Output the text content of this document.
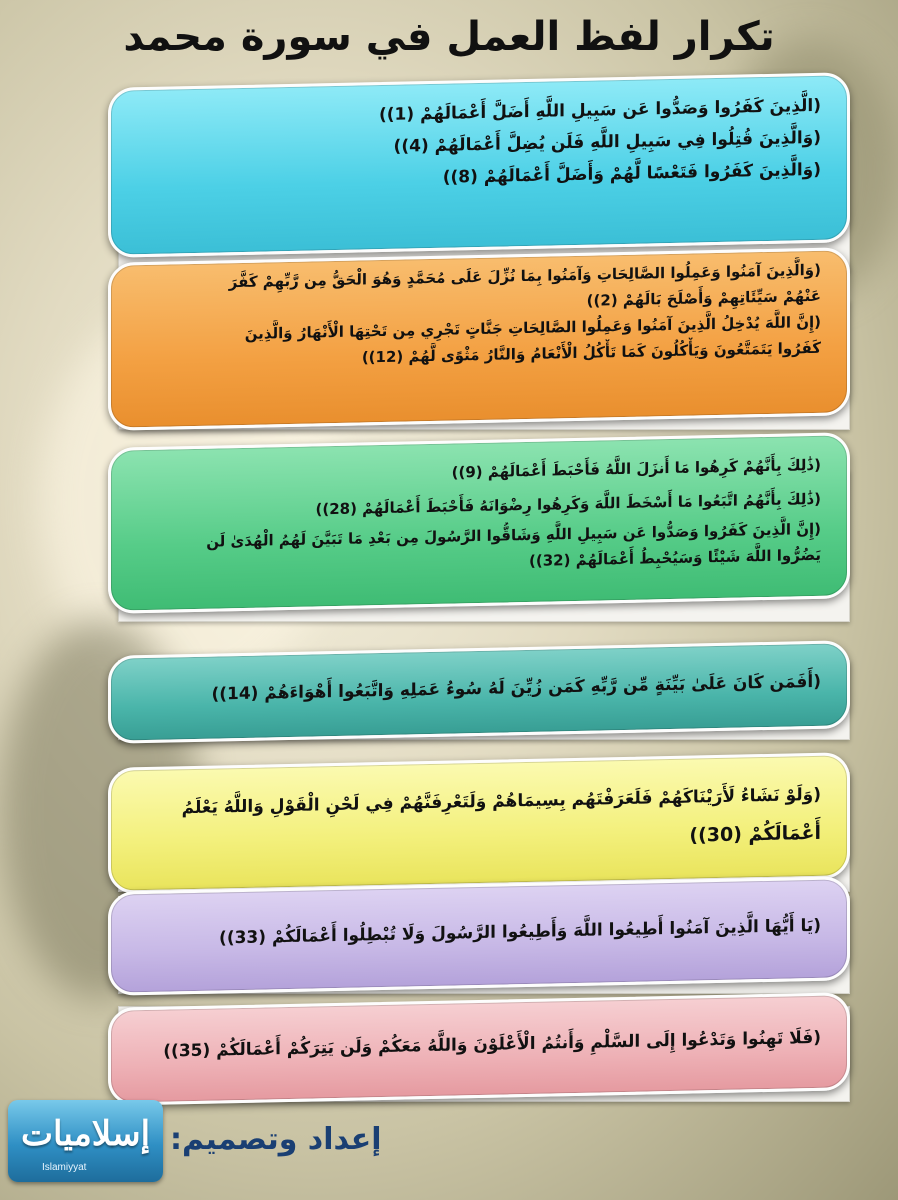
تكرار لفظ العمل في سورة محمد
(الَّذِينَ كَفَرُوا وَصَدُّوا عَن سَبِيلِ اللَّهِ أَضَلَّ أَعْمَالَهُمْ (1))
(وَالَّذِينَ قُتِلُوا فِي سَبِيلِ اللَّهِ فَلَن يُضِلَّ أَعْمَالَهُمْ (4))
(وَالَّذِينَ كَفَرُوا فَتَعْسًا لَّهُمْ وَأَضَلَّ أَعْمَالَهُمْ (8))
(وَالَّذِينَ آمَنُوا وَعَمِلُوا الصَّالِحَاتِ وَآمَنُوا بِمَا نُزِّلَ عَلَى مُحَمَّدٍ وَهُوَ الْحَقُّ مِن رَّبِّهِمْ كَفَّرَ
عَنْهُمْ سَيِّئَاتِهِمْ وَأَصْلَحَ بَالَهُمْ (2))
(إِنَّ اللَّهَ يُدْخِلُ الَّذِينَ آمَنُوا وَعَمِلُوا الصَّالِحَاتِ جَنَّاتٍ تَجْرِي مِن تَحْتِهَا الْأَنْهَارُ وَالَّذِينَ
كَفَرُوا يَتَمَتَّعُونَ وَيَأْكُلُونَ كَمَا تَأْكُلُ الْأَنْعَامُ وَالنَّارُ مَثْوًى لَّهُمْ (12))
(ذَٰلِكَ بِأَنَّهُمْ كَرِهُوا مَا أَنزَلَ اللَّهُ فَأَحْبَطَ أَعْمَالَهُمْ (9))
(ذَٰلِكَ بِأَنَّهُمُ اتَّبَعُوا مَا أَسْخَطَ اللَّهَ وَكَرِهُوا رِضْوَانَهُ فَأَحْبَطَ أَعْمَالَهُمْ (28))
(إِنَّ الَّذِينَ كَفَرُوا وَصَدُّوا عَن سَبِيلِ اللَّهِ وَشَاقُّوا الرَّسُولَ مِن بَعْدِ مَا تَبَيَّنَ لَهُمُ الْهُدَىٰ لَن
يَضُرُّوا اللَّهَ شَيْئًا وَسَيُحْبِطُ أَعْمَالَهُمْ (32))
(أَفَمَن كَانَ عَلَىٰ بَيِّنَةٍ مِّن رَّبِّهِ كَمَن زُيِّنَ لَهُ سُوءُ عَمَلِهِ وَاتَّبَعُوا أَهْوَاءَهُمْ (14))
(وَلَوْ نَشَاءُ لَأَرَيْنَاكَهُمْ فَلَعَرَفْتَهُم بِسِيمَاهُمْ وَلَتَعْرِفَنَّهُمْ فِي لَحْنِ الْقَوْلِ وَاللَّهُ يَعْلَمُ
أَعْمَالَكُمْ (30))
(يَا أَيُّهَا الَّذِينَ آمَنُوا أَطِيعُوا اللَّهَ وَأَطِيعُوا الرَّسُولَ وَلَا تُبْطِلُوا أَعْمَالَكُمْ (33))
(فَلَا تَهِنُوا وَتَدْعُوا إِلَى السَّلْمِ وَأَنتُمُ الْأَعْلَوْنَ وَاللَّهُ مَعَكُمْ وَلَن يَتِرَكُمْ أَعْمَالَكُمْ (35))
إعداد وتصميم:
إسلاميات
Islamiyyat
